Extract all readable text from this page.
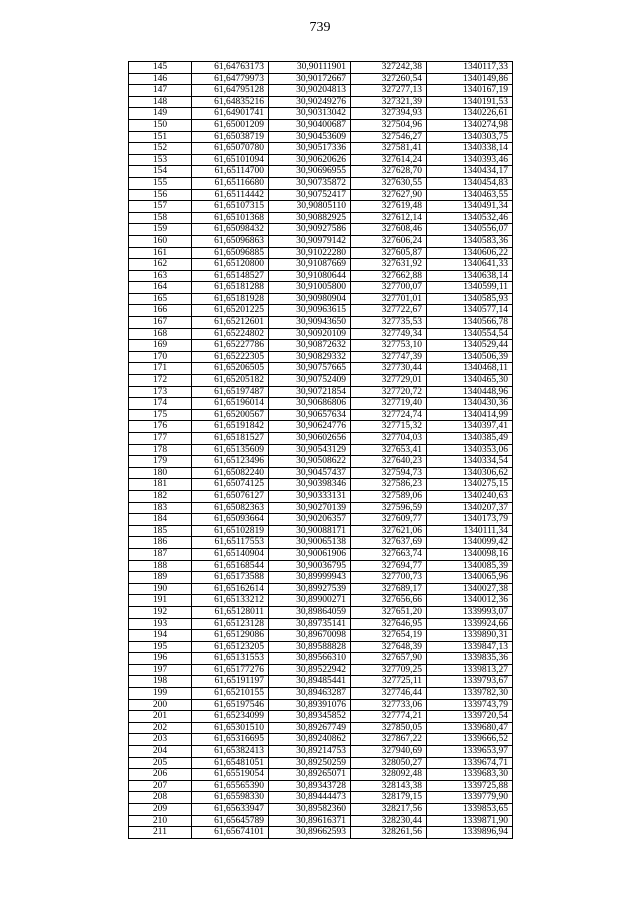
739
145	61,64763173	30,90111901	327242,38	1340117,33
146	61,64779973	30,90172667	327260,54	1340149,86
147	61,64795128	30,90204813	327277,13	1340167,19
148	61,64835216	30,90249276	327321,39	1340191,53
149	61,64901741	30,90313042	327394,93	1340226,61
150	61,65001209	30,90400687	327504,96	1340274,98
151	61,65038719	30,90453609	327546,27	1340303,75
152	61,65070780	30,90517336	327581,41	1340338,14
153	61,65101094	30,90620626	327614,24	1340393,46
154	61,65114700	30,90696955	327628,70	1340434,17
155	61,65116680	30,90735872	327630,55	1340454,83
156	61,65114442	30,90752417	327627,90	1340463,55
157	61,65107315	30,90805110	327619,48	1340491,34
158	61,65101368	30,90882925	327612,14	1340532,46
159	61,65098432	30,90927586	327608,46	1340556,07
160	61,65096863	30,90979142	327606,24	1340583,36
161	61,65096885	30,91022280	327605,87	1340606,22
162	61,65120800	30,91087669	327631,92	1340641,33
163	61,65148527	30,91080644	327662,88	1340638,14
164	61,65181288	30,91005800	327700,07	1340599,11
165	61,65181928	30,90980904	327701,01	1340585,93
166	61,65201225	30,90963615	327722,67	1340577,14
167	61,65212601	30,90943650	327735,53	1340566,78
168	61,65224802	30,90920109	327749,34	1340554,54
169	61,65227786	30,90872632	327753,10	1340529,44
170	61,65222305	30,90829332	327747,39	1340506,39
171	61,65206505	30,90757665	327730,44	1340468,11
172	61,65205182	30,90752409	327729,01	1340465,30
173	61,65197487	30,90721854	327720,72	1340448,96
174	61,65196014	30,90686806	327719,40	1340430,36
175	61,65200567	30,90657634	327724,74	1340414,99
176	61,65191842	30,90624776	327715,32	1340397,41
177	61,65181527	30,90602656	327704,03	1340385,49
178	61,65135609	30,90543129	327653,41	1340353,06
179	61,65123496	30,90508622	327640,23	1340334,54
180	61,65082240	30,90457437	327594,73	1340306,62
181	61,65074125	30,90398346	327586,23	1340275,15
182	61,65076127	30,90333131	327589,06	1340240,63
183	61,65082363	30,90270139	327596,59	1340207,37
184	61,65093664	30,90206357	327609,77	1340173,79
185	61,65102819	30,90088171	327621,06	1340111,34
186	61,65117553	30,90065138	327637,69	1340099,42
187	61,65140904	30,90061906	327663,74	1340098,16
188	61,65168544	30,90036795	327694,77	1340085,39
189	61,65173588	30,89999943	327700,73	1340065,96
190	61,65162614	30,89927539	327689,17	1340027,38
191	61,65133212	30,89900271	327656,66	1340012,36
192	61,65128011	30,89864059	327651,20	1339993,07
193	61,65123128	30,89735141	327646,95	1339924,66
194	61,65129086	30,89670098	327654,19	1339890,31
195	61,65123205	30,89588828	327648,39	1339847,13
196	61,65131553	30,89566310	327657,90	1339835,36
197	61,65177276	30,89522942	327709,25	1339813,27
198	61,65191197	30,89485441	327725,11	1339793,67
199	61,65210155	30,89463287	327746,44	1339782,30
200	61,65197546	30,89391076	327733,06	1339743,79
201	61,65234099	30,89345852	327774,21	1339720,54
202	61,65301510	30,89267749	327850,05	1339680,47
203	61,65316695	30,89240862	327867,22	1339666,52
204	61,65382413	30,89214753	327940,69	1339653,97
205	61,65481051	30,89250259	328050,27	1339674,71
206	61,65519054	30,89265071	328092,48	1339683,30
207	61,65565390	30,89343728	328143,38	1339725,88
208	61,65598330	30,89444473	328179,15	1339779,90
209	61,65633947	30,89582360	328217,56	1339853,65
210	61,65645789	30,89616371	328230,44	1339871,90
211	61,65674101	30,89662593	328261,56	1339896,94
